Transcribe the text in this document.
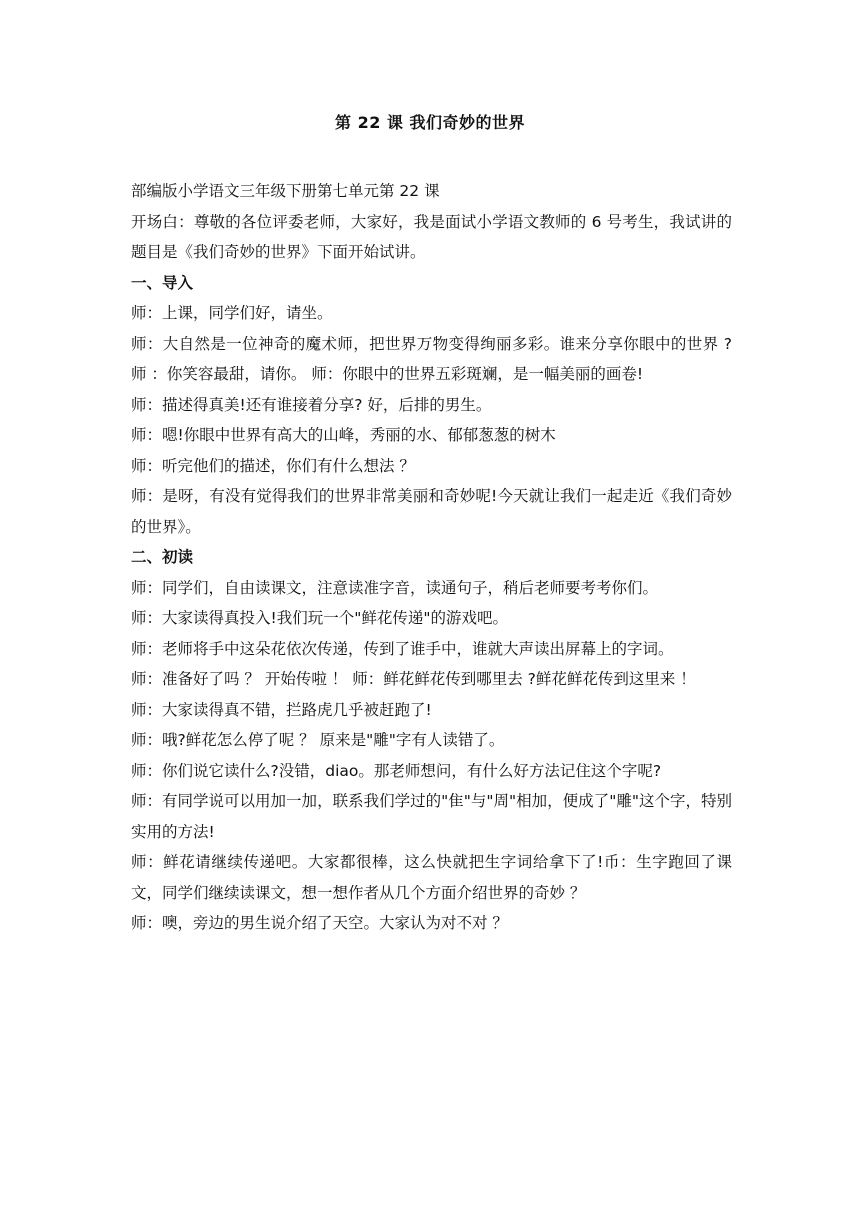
第 22 课 我们奇妙的世界

部编版小学语文三年级下册第七单元第 22 课

开场白：尊敬的各位评委老师，大家好，我是面试小学语文教师的 6 号考生，我试讲的题目是《我们奇妙的世界》下面开始试讲。

一、导入

师：上课，同学们好，请坐。

师：大自然是一位神奇的魔术师，把世界万物变得绚丽多彩。谁来分享你眼中的世界 ?师 ：你笑容最甜，请你。 师：你眼中的世界五彩斑斓，是一幅美丽的画卷!

师：描述得真美!还有谁接着分享? 好，后排的男生。

师：嗯!你眼中世界有高大的山峰，秀丽的水、郁郁葱葱的树木

师：听完他们的描述，你们有什么想法 ？

师：是呀，有没有觉得我们的世界非常美丽和奇妙呢!今天就让我们一起走近《我们奇妙的世界》。

二、初读

师：同学们，自由读课文，注意读准字音，读通句子，稍后老师要考考你们。

师：大家读得真投入!我们玩一个"鲜花传递"的游戏吧。

师：老师将手中这朵花依次传递，传到了谁手中，谁就大声读出屏幕上的字词。

师：准备好了吗 ？ 开始传啦 ！ 师：鲜花鲜花传到哪里去 ?鲜花鲜花传到这里来 ！

师：大家读得真不错，拦路虎几乎被赶跑了!

师：哦?鲜花怎么停了呢 ？ 原来是"雕"字有人读错了。

师：你们说它读什么?没错，diao。那老师想问，有什么好方法记住这个字呢?

师：有同学说可以用加一加，联系我们学过的"隹"与"周"相加，便成了"雕"这个字，特别实用的方法!

师：鲜花请继续传递吧。大家都很棒，这么快就把生字词给拿下了!币：生字跑回了课文，同学们继续读课文，想一想作者从几个方面介绍世界的奇妙 ？

师：噢，旁边的男生说介绍了天空。大家认为对不对 ？
